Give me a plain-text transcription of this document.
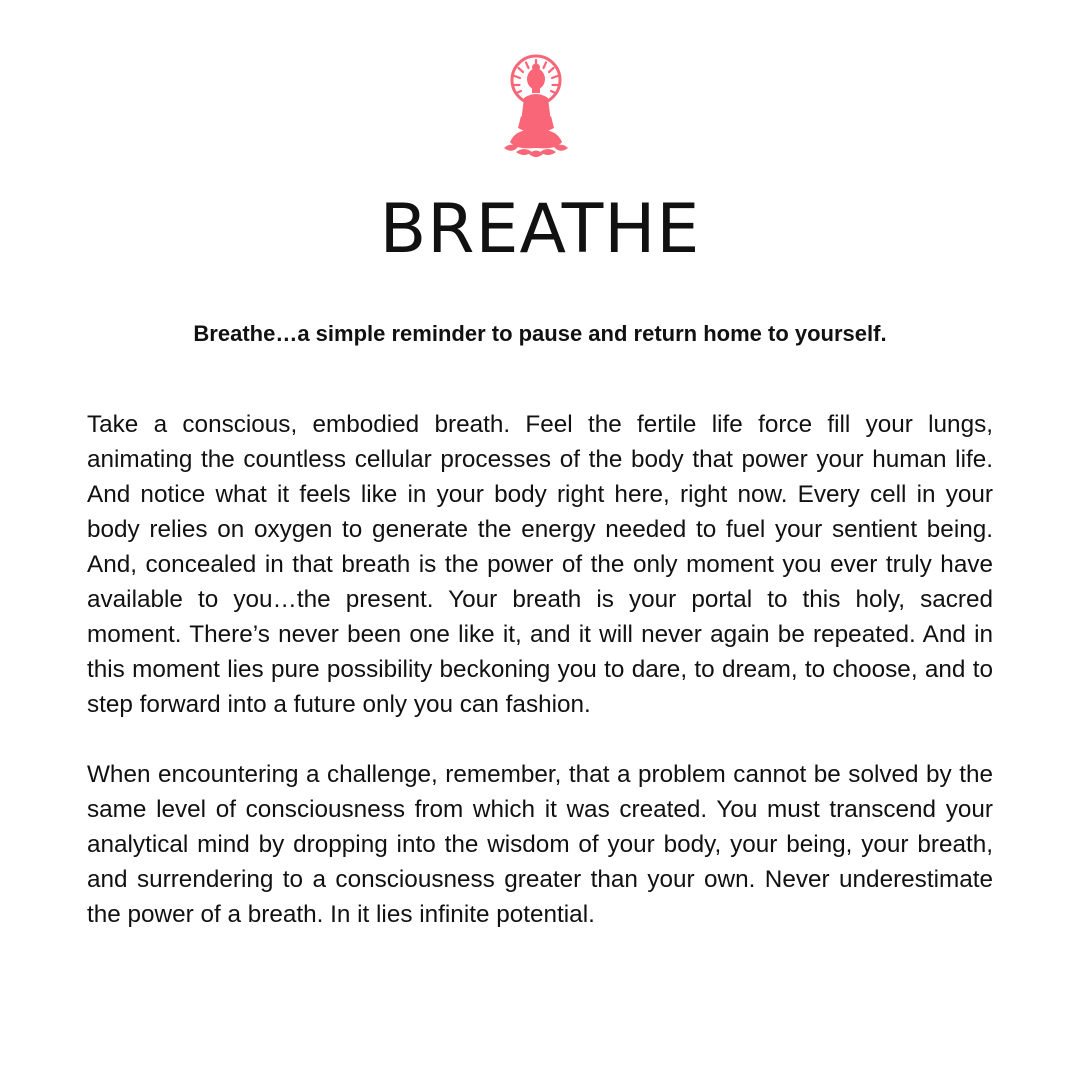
BREATHE

Breathe…a simple reminder to pause and return home to yourself.

Take a conscious, embodied breath. Feel the fertile life force fill your lungs, animating the countless cellular processes of the body that power your human life. And notice what it feels like in your body right here, right now. Every cell in your body relies on oxygen to generate the energy needed to fuel your sentient being. And, concealed in that breath is the power of the only moment you ever truly have available to you…the present. Your breath is your portal to this holy, sacred moment. There’s never been one like it, and it will never again be repeated. And in this moment lies pure possibility beckoning you to dare, to dream, to choose, and to step forward into a future only you can fashion.

When encountering a challenge, remember, that a problem cannot be solved by the same level of consciousness from which it was created. You must transcend your analytical mind by dropping into the wisdom of your body, your being, your breath, and surrendering to a consciousness greater than your own. Never underestimate the power of a breath. In it lies infinite potential.
